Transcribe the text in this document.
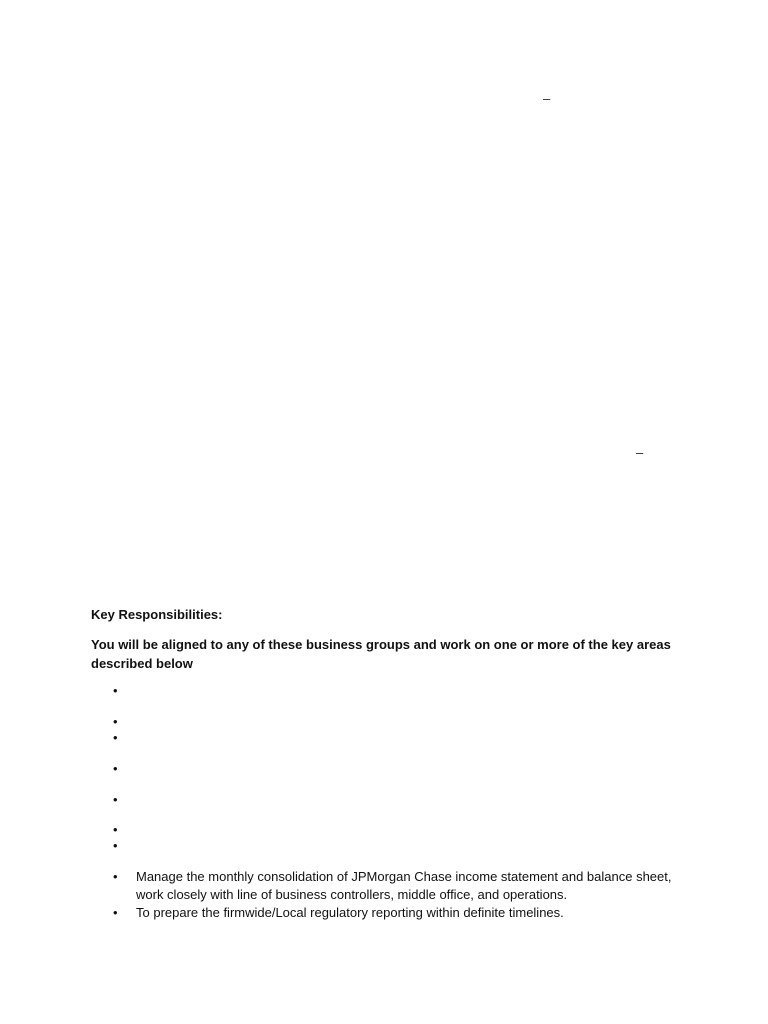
–
–

Key Responsibilities:

You will be aligned to any of these business groups and work on one or more of the key areas described below

•
•
•
•
•
•
•
• Manage the monthly consolidation of JPMorgan Chase income statement and balance sheet, work closely with line of business controllers, middle office, and operations.

• To prepare the firmwide/Local regulatory reporting within definite timelines.
